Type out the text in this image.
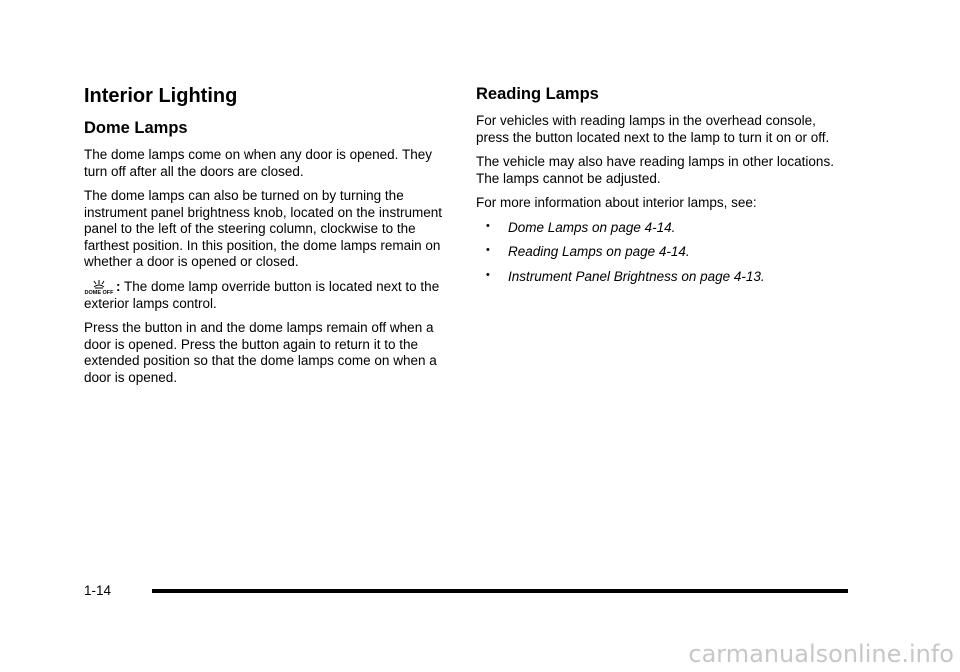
Interior Lighting
Dome Lamps

The dome lamps come on when any door is opened. They turn off after all the doors are closed.

The dome lamps can also be turned on by turning the instrument panel brightness knob, located on the instrument panel to the left of the steering column, clockwise to the farthest position. In this position, the dome lamps remain on whether a door is opened or closed.

DOME OFF : The dome lamp override button is located next to the exterior lamps control.

Press the button in and the dome lamps remain off when a door is opened. Press the button again to return it to the extended position so that the dome lamps come on when a door is opened.

Reading Lamps

For vehicles with reading lamps in the overhead console, press the button located next to the lamp to turn it on or off.

The vehicle may also have reading lamps in other locations. The lamps cannot be adjusted.

For more information about interior lamps, see:

• Dome Lamps on page 4-14.
• Reading Lamps on page 4-14.
• Instrument Panel Brightness on page 4-13.
1-14
carmanualsonline.info
